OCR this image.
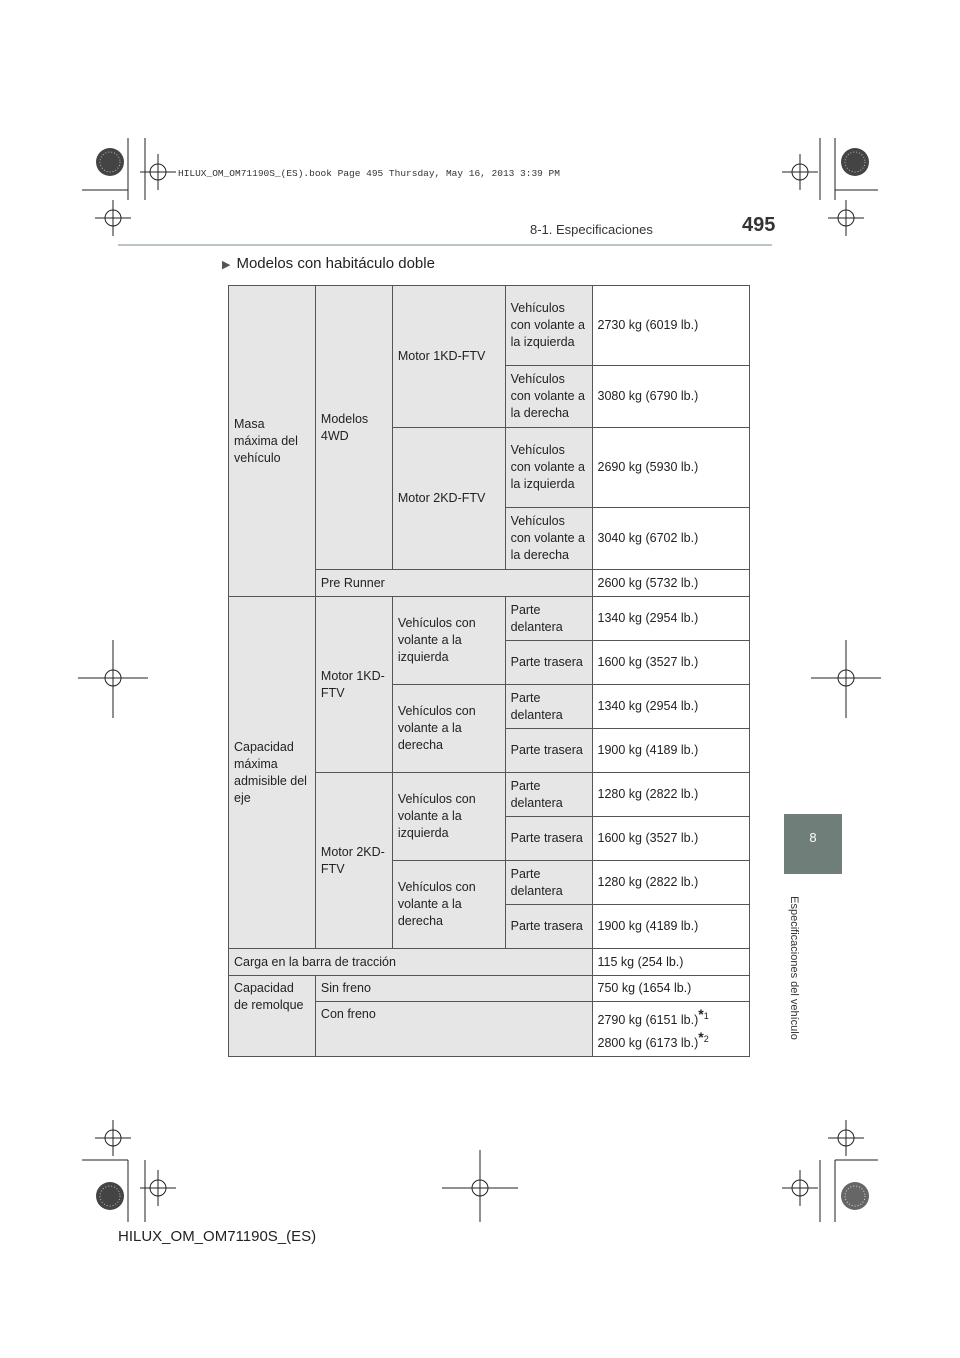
HILUX_OM_OM71190S_(ES).book Page 495 Thursday, May 16, 2013 3:39 PM
8-1. Especificaciones	495
8
Especificaciones del vehículo
▶ Modelos con habitáculo doble
Masa máxima del vehículo	Modelos 4WD	Motor 1KD-FTV	Vehículos con volante a la izquierda	2730 kg (6019 lb.)
			Vehículos con volante a la derecha	3080 kg (6790 lb.)
		Motor 2KD-FTV	Vehículos con volante a la izquierda	2690 kg (5930 lb.)
			Vehículos con volante a la derecha	3040 kg (6702 lb.)
	Pre Runner			2600 kg (5732 lb.)
Capacidad máxima admisible del eje	Motor 1KD-FTV	Vehículos con volante a la izquierda	Parte delantera	1340 kg (2954 lb.)
			Parte trasera	1600 kg (3527 lb.)
		Vehículos con volante a la derecha	Parte delantera	1340 kg (2954 lb.)
			Parte trasera	1900 kg (4189 lb.)
	Motor 2KD-FTV	Vehículos con volante a la izquierda	Parte delantera	1280 kg (2822 lb.)
			Parte trasera	1600 kg (3527 lb.)
		Vehículos con volante a la derecha	Parte delantera	1280 kg (2822 lb.)
			Parte trasera	1900 kg (4189 lb.)
Carga en la barra de tracción				115 kg (254 lb.)
Capacidad de remolque	Sin freno			750 kg (1654 lb.)
	Con freno			2790 kg (6151 lb.)$^{*1}$
2800 kg (6173 lb.)$^{*2}$
HILUX_OM_OM71190S_(ES)
